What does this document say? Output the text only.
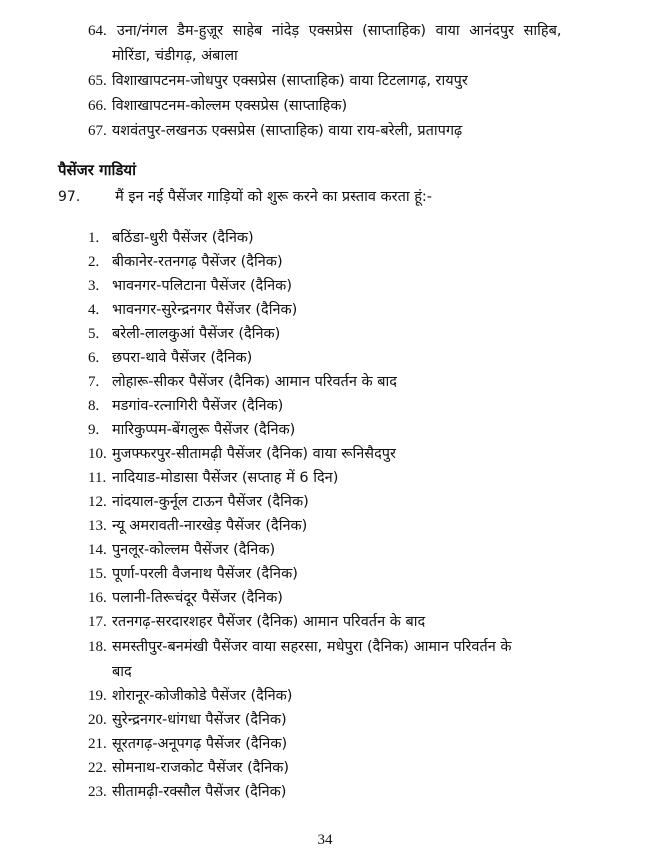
64. उना/नंगल डैम-हुज़ूर साहेब नांदेड़ एक्सप्रेस (साप्ताहिक) वाया आनंदपुर साहिब,
मोरिंडा, चंडीगढ़, अंबाला
65. विशाखापटनम-जोधपुर एक्सप्रेस (साप्ताहिक) वाया टिटलागढ़, रायपुर
66. विशाखापटनम-कोल्लम एक्सप्रेस (साप्ताहिक)
67. यशवंतपुर-लखनऊ एक्सप्रेस (साप्ताहिक) वाया राय-बरेली, प्रतापगढ़
पैसेंजर गाडियां
97. मैं इन नई पैसेंजर गाड़ियों को शुरू करने का प्रस्ताव करता हूं:-
1. बठिंडा-धुरी पैसेंजर (दैनिक)
2. बीकानेर-रतनगढ़ पैसेंजर (दैनिक)
3. भावनगर-पलिटाना पैसेंजर (दैनिक)
4. भावनगर-सुरेन्द्रनगर पैसेंजर (दैनिक)
5. बरेली-लालकुआं पैसेंजर (दैनिक)
6. छपरा-थावे पैसेंजर (दैनिक)
7. लोहारू-सीकर पैसेंजर (दैनिक) आमान परिवर्तन के बाद
8. मडगांव-रत्नागिरी पैसेंजर (दैनिक)
9. मारिकुप्पम-बेंगलुरू पैसेंजर (दैनिक)
10. मुजफ्फरपुर-सीतामढ़ी पैसेंजर (दैनिक) वाया रूनिसैदपुर
11. नादियाड-मोडासा पैसेंजर (सप्ताह में 6 दिन)
12. नांदयाल-कुर्नूल टाऊन पैसेंजर (दैनिक)
13. न्यू अमरावती-नारखेड़ पैसेंजर (दैनिक)
14. पुनलूर-कोल्लम पैसेंजर (दैनिक)
15. पूर्णा-परली वैजनाथ पैसेंजर (दैनिक)
16. पलानी-तिरूचंदूर पैसेंजर (दैनिक)
17. रतनगढ़-सरदारशहर पैसेंजर (दैनिक) आमान परिवर्तन के बाद
18. समस्तीपुर-बनमंखी पैसेंजर वाया सहरसा, मधेपुरा (दैनिक) आमान परिवर्तन के
बाद
19. शोरानूर-कोजीकोडे पैसेंजर (दैनिक)
20. सुरेन्द्रनगर-धांगधा पैसेंजर (दैनिक)
21. सूरतगढ़-अनूपगढ़ पैसेंजर (दैनिक)
22. सोमनाथ-राजकोट पैसेंजर (दैनिक)
23. सीतामढ़ी-रक्सौल पैसेंजर (दैनिक)
34
